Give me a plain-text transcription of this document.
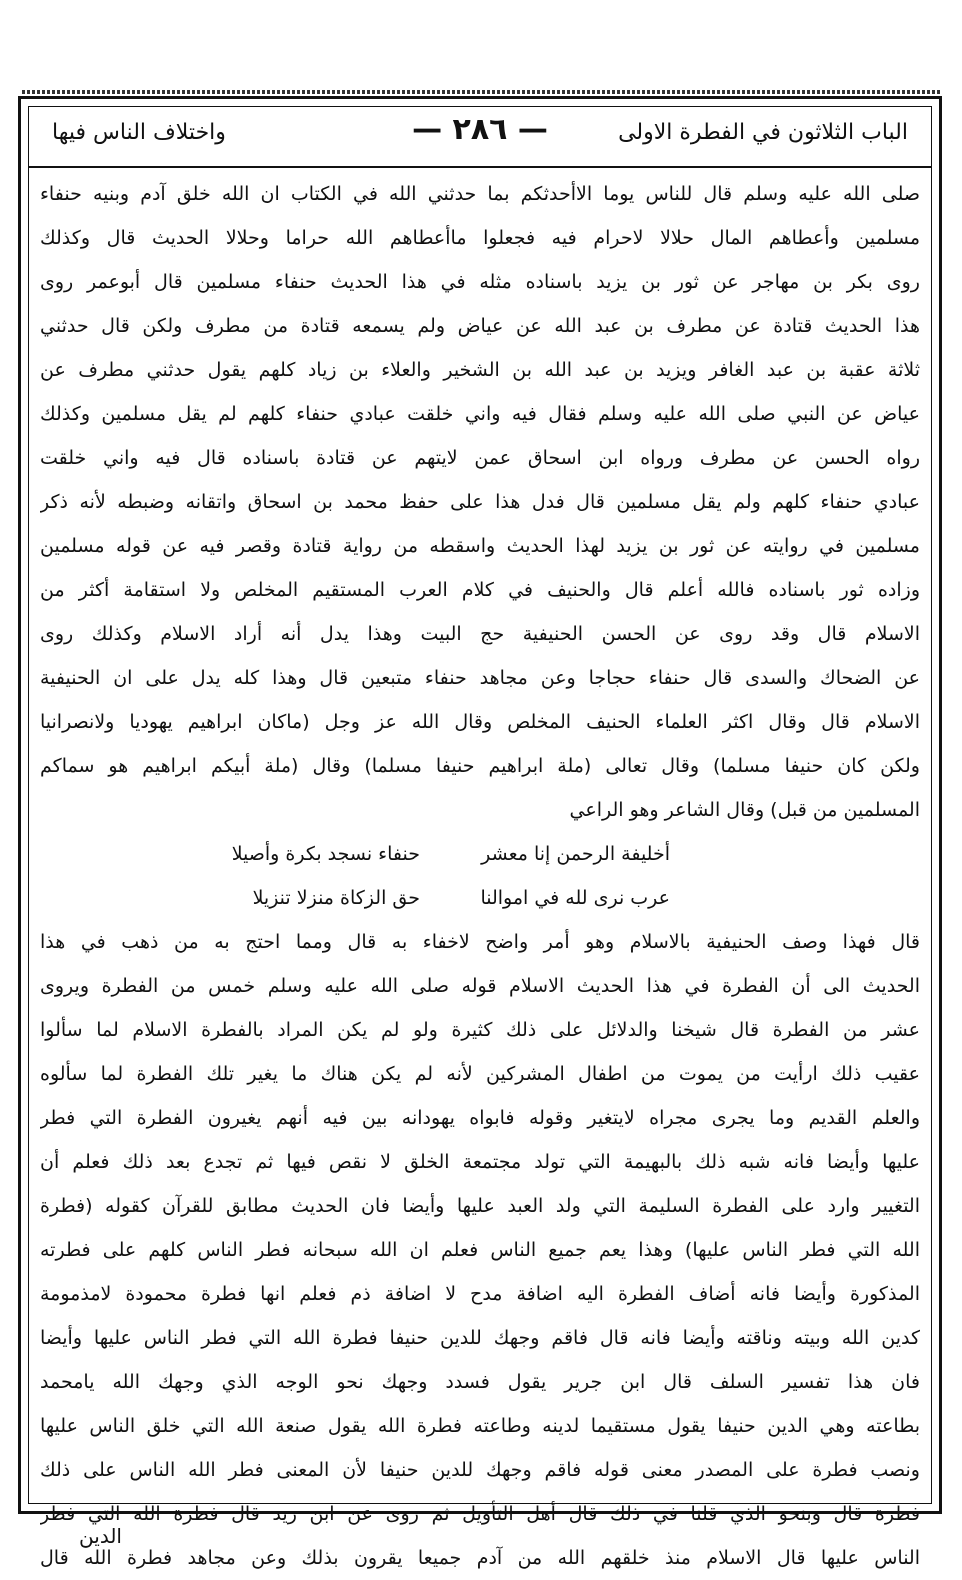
الباب الثلاثون في الفطرة الاولى
— ٢٨٦ —
واختلاف الناس فيها
صلى الله عليه وسلم قال للناس يوما الاأحدثكم بما حدثني الله في الكتاب ان الله خلق آدم وبنيه حنفاء
مسلمين وأعطاهم المال حلالا لاحرام فيه فجعلوا ماأعطاهم الله حراما وحلالا الحديث قال وكذلك
روى بكر بن مهاجر عن ثور بن يزيد باسناده مثله في هذا الحديث حنفاء مسلمين قال أبوعمر روى
هذا الحديث قتادة عن مطرف بن عبد الله عن عياض ولم يسمعه قتادة من مطرف ولكن قال حدثني
ثلاثة عقبة بن عبد الغافر ويزيد بن عبد الله بن الشخير والعلاء بن زياد كلهم يقول حدثني مطرف عن
عياض عن النبي صلى الله عليه وسلم فقال فيه واني خلقت عبادي حنفاء كلهم لم يقل مسلمين وكذلك
رواه الحسن عن مطرف ورواه ابن اسحاق عمن لايتهم عن قتادة باسناده قال فيه واني خلقت
عبادي حنفاء كلهم ولم يقل مسلمين قال فدل هذا على حفظ محمد بن اسحاق واتقانه وضبطه لأنه ذكر
مسلمين في روايته عن ثور بن يزيد لهذا الحديث واسقطه من رواية قتادة وقصر فيه عن قوله مسلمين
وزاده ثور باسناده فالله أعلم قال والحنيف في كلام العرب المستقيم المخلص ولا استقامة أكثر من
الاسلام قال وقد روى عن الحسن الحنيفية حج البيت وهذا يدل أنه أراد الاسلام وكذلك روى
عن الضحاك والسدى قال حنفاء حجاجا وعن مجاهد حنفاء متبعين قال وهذا كله يدل على ان الحنيفية
الاسلام قال وقال اكثر العلماء الحنيف المخلص وقال الله عز وجل (ماكان ابراهيم يهوديا ولانصرانيا
ولكن كان حنيفا مسلما) وقال تعالى (ملة ابراهيم حنيفا مسلما) وقال (ملة أبيكم ابراهيم هو سماكم
المسلمين من قبل) وقال الشاعر وهو الراعي
أخليفة الرحمن إنا معشر
حنفاء نسجد بكرة وأصيلا
عرب نرى لله في اموالنا
حق الزكاة منزلا تنزيلا
قال فهذا وصف الحنيفية بالاسلام وهو أمر واضح لاخفاء به قال ومما احتج به من ذهب في هذا
الحديث الى أن الفطرة في هذا الحديث الاسلام قوله صلى الله عليه وسلم خمس من الفطرة ويروى
عشر من الفطرة قال شيخنا والدلائل على ذلك كثيرة ولو لم يكن المراد بالفطرة الاسلام لما سألوا
عقيب ذلك ارأيت من يموت من اطفال المشركين لأنه لم يكن هناك ما يغير تلك الفطرة لما سألوه
والعلم القديم وما يجرى مجراه لايتغير وقوله فابواه يهودانه بين فيه أنهم يغيرون الفطرة التي فطر
عليها وأيضا فانه شبه ذلك بالبهيمة التي تولد مجتمعة الخلق لا نقص فيها ثم تجدع بعد ذلك فعلم أن
التغيير وارد على الفطرة السليمة التي ولد العبد عليها وأيضا فان الحديث مطابق للقرآن كقوله (فطرة
الله التي فطر الناس عليها) وهذا يعم جميع الناس فعلم ان الله سبحانه فطر الناس كلهم على فطرته
المذكورة وأيضا فانه أضاف الفطرة اليه اضافة مدح لا اضافة ذم فعلم انها فطرة محمودة لامذمومة
كدين الله وبيته وناقته وأيضا فانه قال فاقم وجهك للدين حنيفا فطرة الله التي فطر الناس عليها وأيضا
فان هذا تفسير السلف قال ابن جرير يقول فسدد وجهك نحو الوجه الذي وجهك الله يامحمد
بطاعته وهي الدين حنيفا يقول مستقيما لدينه وطاعته فطرة الله يقول صنعة الله التي خلق الناس عليها
ونصب فطرة على المصدر معنى قوله فاقم وجهك للدين حنيفا لأن المعنى فطر الله الناس على ذلك
فطرة قال وبنحو الذي قلنا في ذلك قال أهل التأويل ثم روى عن ابن زيد قال فطرة الله التي فطر
الناس عليها قال الاسلام منذ خلقهم الله من آدم جميعا يقرون بذلك وعن مجاهد فطرة الله قال
الدين
